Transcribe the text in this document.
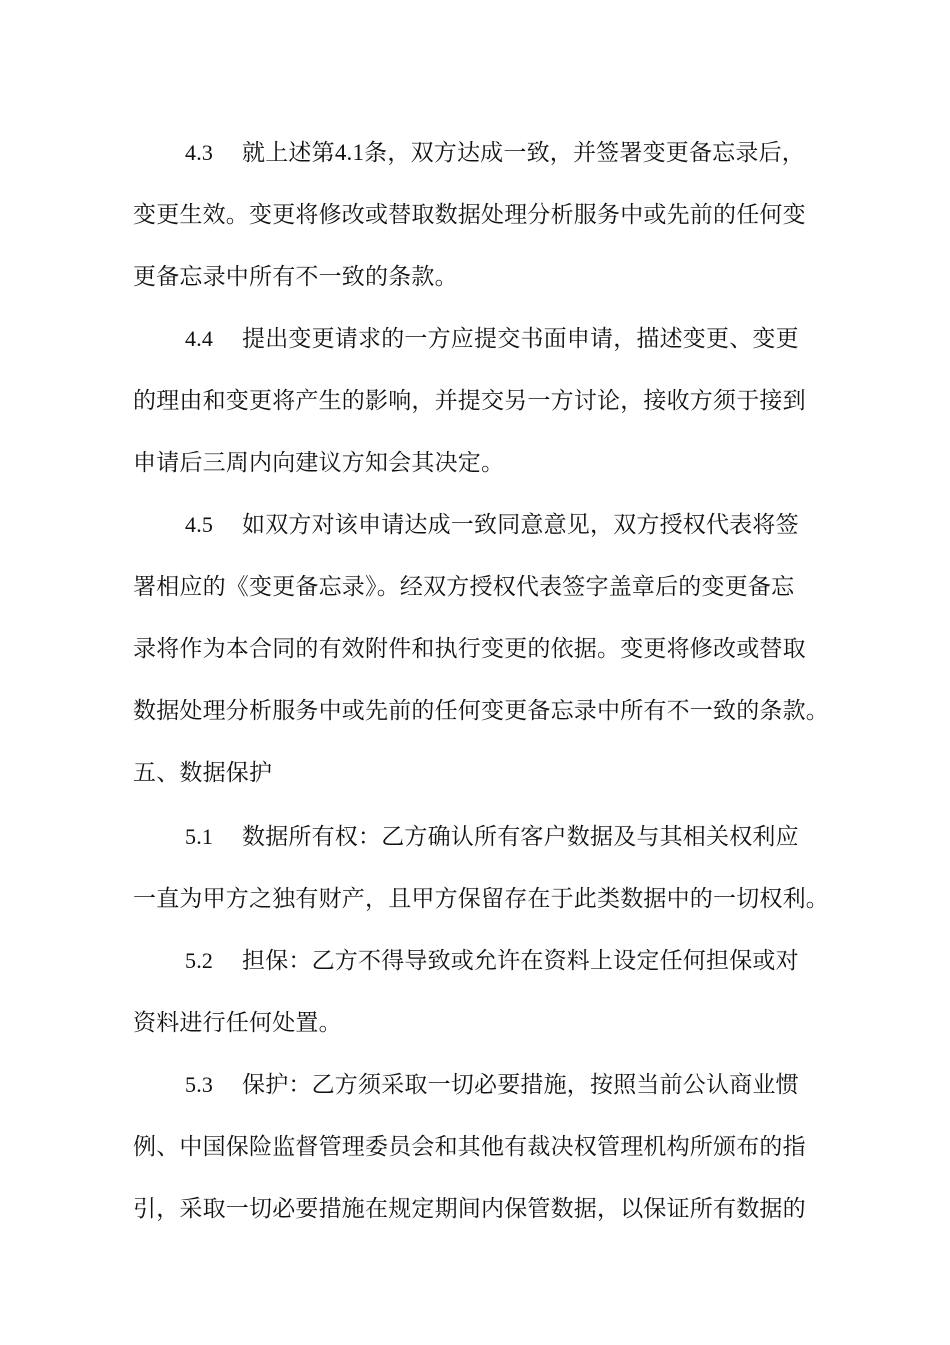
4.3 就上述第4.1条，双方达成一致，并签署变更备忘录后，
变更生效。变更将修改或替取数据处理分析服务中或先前的任何变
更备忘录中所有不一致的条款。
4.4 提出变更请求的一方应提交书面申请，描述变更、变更
的理由和变更将产生的影响，并提交另一方讨论，接收方须于接到
申请后三周内向建议方知会其决定。
4.5 如双方对该申请达成一致同意意见，双方授权代表将签
署相应的《变更备忘录》。经双方授权代表签字盖章后的变更备忘
录将作为本合同的有效附件和执行变更的依据。变更将修改或替取
数据处理分析服务中或先前的任何变更备忘录中所有不一致的条款。
五、数据保护
5.1 数据所有权：乙方确认所有客户数据及与其相关权利应
一直为甲方之独有财产，且甲方保留存在于此类数据中的一切权利。
5.2 担保：乙方不得导致或允许在资料上设定任何担保或对
资料进行任何处置。
5.3 保护：乙方须采取一切必要措施，按照当前公认商业惯
例、中国保险监督管理委员会和其他有裁决权管理机构所颁布的指
引，采取一切必要措施在规定期间内保管数据，以保证所有数据的
